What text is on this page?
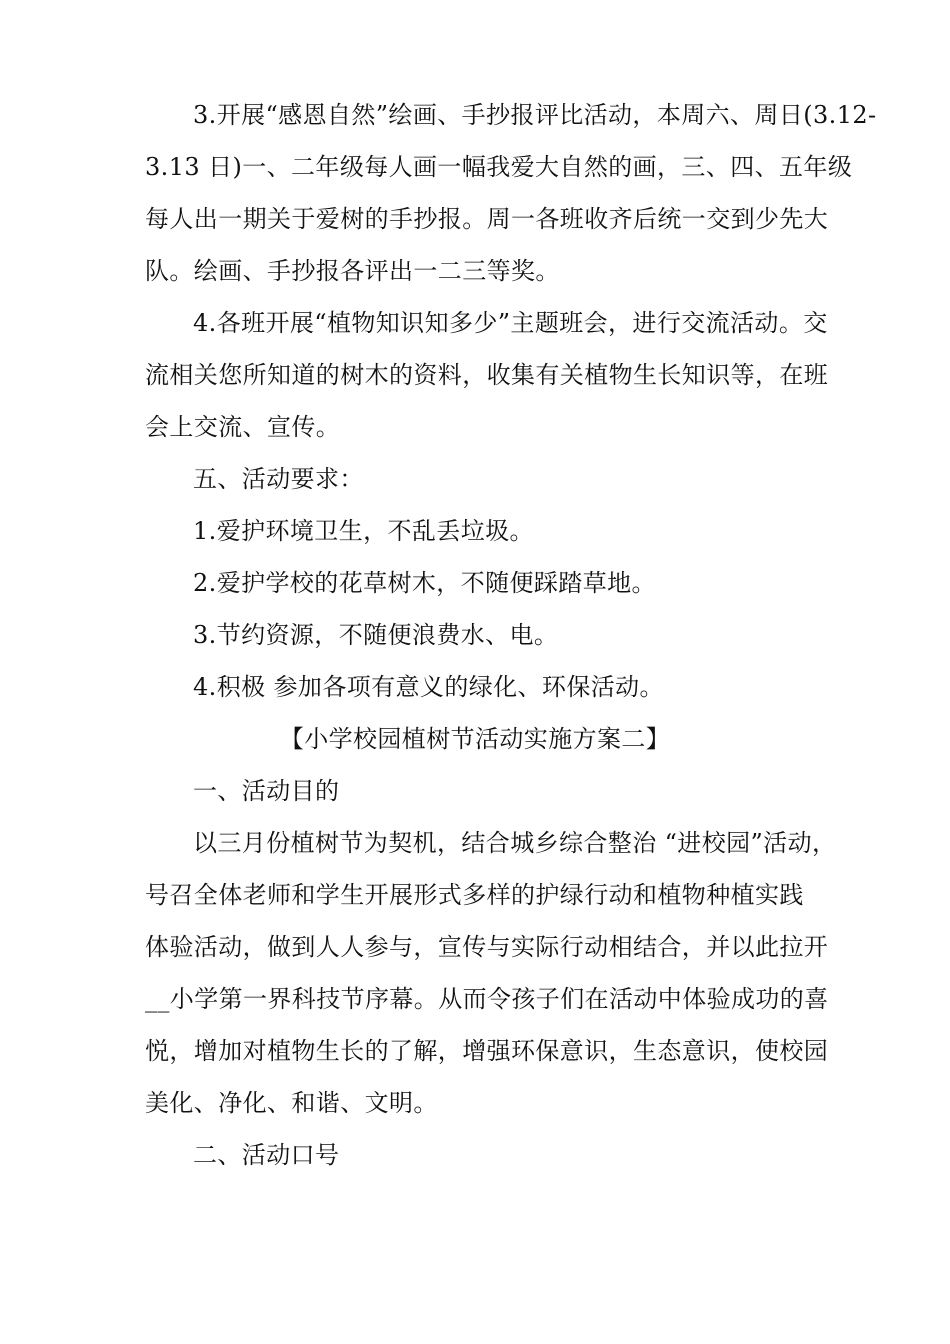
3.开展“感恩自然”绘画、手抄报评比活动，本周六、周日(3.12-
3.13 日)一、二年级每人画一幅我爱大自然的画，三、四、五年级
每人出一期关于爱树的手抄报。周一各班收齐后统一交到少先大
队。绘画、手抄报各评出一二三等奖。
4.各班开展“植物知识知多少”主题班会，进行交流活动。交
流相关您所知道的树木的资料，收集有关植物生长知识等，在班
会上交流、宣传。
五、活动要求：
1.爱护环境卫生，不乱丢垃圾。
2.爱护学校的花草树木，不随便踩踏草地。
3.节约资源，不随便浪费水、电。
4.积极 参加各项有意义的绿化、环保活动。
【小学校园植树节活动实施方案二】
一、活动目的
以三月份植树节为契机，结合城乡综合整治 “进校园”活动，
号召全体老师和学生开展形式多样的护绿行动和植物种植实践
体验活动，做到人人参与，宣传与实际行动相结合，并以此拉开
__小学第一界科技节序幕。从而令孩子们在活动中体验成功的喜
悦，增加对植物生长的了解，增强环保意识，生态意识，使校园
美化、净化、和谐、文明。
二、活动口号
